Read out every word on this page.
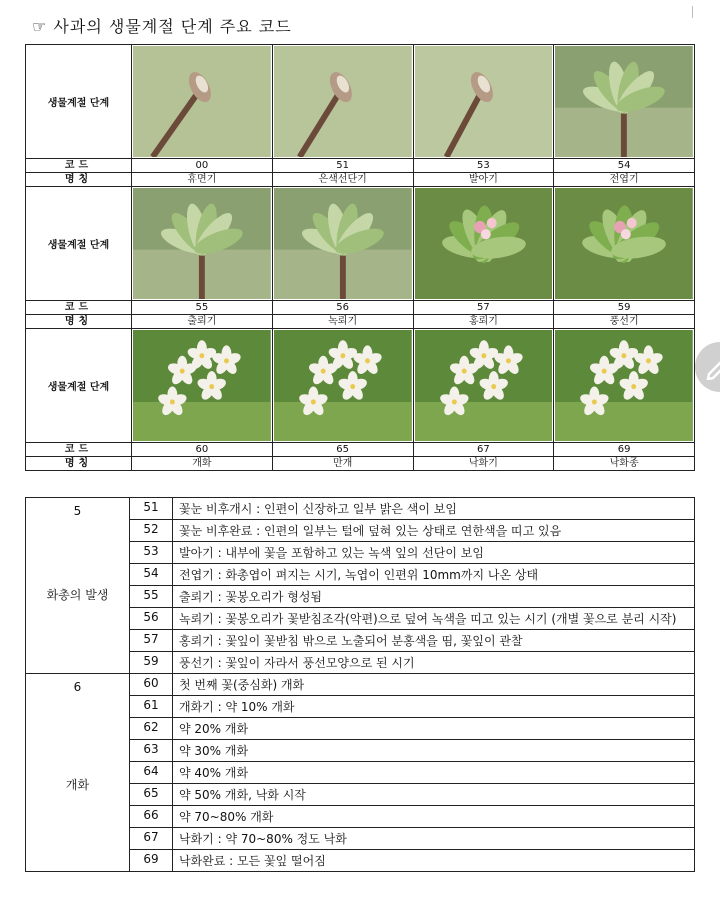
☞ 사과의 생물계절 단계 주요 코드
생물계절 단계	

코드	00	51	53	54
명칭	휴면기	은색선단기	발아기	전엽기
생물계절 단계	

코드	55	56	57	59
명칭	출뢰기	녹뢰기	홍뢰기	풍선기
생물계절 단계	

코드	60	65	67	69
명칭	개화	만개	낙화기	낙화종
5
화총의 발생	51	꽃눈 비후개시 : 인편이 신장하고 일부 밝은 색이 보임
	52	꽃눈 비후완료 : 인편의 일부는 털에 덮혀 있는 상태로 연한색을 띠고 있음
	53	발아기 : 내부에 꽃을 포함하고 있는 녹색 잎의 선단이 보임
	54	전엽기 : 화총엽이 펴지는 시기, 녹엽이 인편위 10mm까지 나온 상태
	55	출뢰기 : 꽃봉오리가 형성됨
	56	녹뢰기 : 꽃봉오리가 꽃받침조각(악편)으로 덮여 녹색을 띠고 있는 시기 (개별 꽃으로 분리 시작)
	57	홍뢰기 : 꽃잎이 꽃받침 밖으로 노출되어 분홍색을 띰, 꽃잎이 관찰
	59	풍선기 : 꽃잎이 자라서 풍선모양으로 된 시기

6
개화	60	첫 번째 꽃(중심화) 개화
	61	개화기 : 약 10% 개화
	62	약 20% 개화
	63	약 30% 개화
	64	약 40% 개화
	65	약 50% 개화, 낙화 시작
	66	약 70~80% 개화
	67	낙화기 : 약 70~80% 정도 낙화
	69	낙화완료 : 모든 꽃잎 떨어짐
